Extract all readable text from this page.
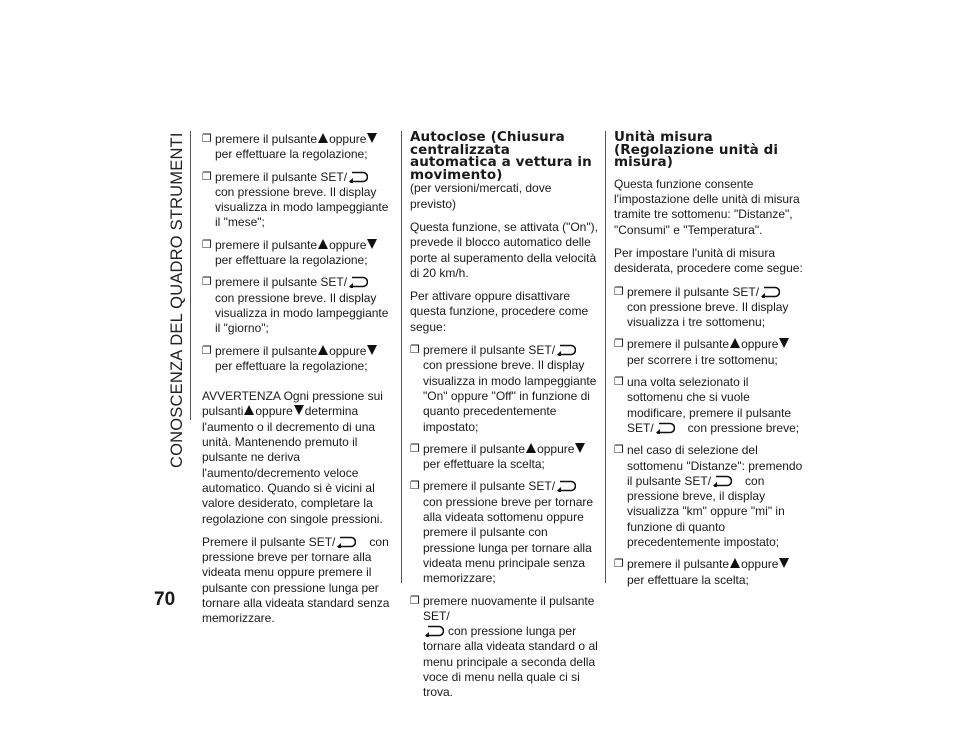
CONOSCENZA DEL QUADRO STRUMENTI
70
❐ premere il pulsante oppureper effettuare la regolazione;
❐ premere il pulsante SET/con pressione breve. Il display visualizza in modo lampeggiante il "mese";
❐ premere il pulsante oppureper effettuare la regolazione;
❐ premere il pulsante SET/con pressione breve. Il display visualizza in modo lampeggiante il "giorno";
❐ premere il pulsante oppureper effettuare la regolazione;

AVVERTENZA Ogni pressione sui pulsanti oppure determina l'aumento o il decremento di una unità. Mantenendo premuto il pulsante ne deriva l'aumento/decremento veloce automatico. Quando si è vicini al valore desiderato, completare la regolazione con singole pressioni.

Premere il pulsante SET/	con pressione breve per tornare alla videata menu oppure premere il pulsante con pressione lunga per tornare alla videata standard senza memorizzare.

Autoclose (Chiusura centralizzata automatica a vettura in movimento)

(per versioni/mercati, dove previsto)

Questa funzione, se attivata ("On"), prevede il blocco automatico delle porte al superamento della velocità di 20 km/h.

Per attivare oppure disattivare questa funzione, procedere come segue:

❐ premere il pulsante SET/con pressione breve. Il display visualizza in modo lampeggiante "On" oppure "Off" in funzione di quanto precedentemente impostato;
❐ premere il pulsante oppureper effettuare la scelta;
❐ premere il pulsante SET/con pressione breve per tornare alla videata sottomenu oppure premere il pulsante con pressione lunga per tornare alla videata menu principale senza memorizzare;
❐ premere nuovamente il pulsante SET/
con pressione lunga per tornare alla videata standard o al menu principale a seconda della voce di menu nella quale ci si trova.
Unità misura (Regolazione unità di misura)

Questa funzione consente l'impostazione delle unità di misura tramite tre sottomenu: "Distanze", "Consumi" e "Temperatura".

Per impostare l'unità di misura desiderata, procedere come segue:

❐ premere il pulsante SET/con pressione breve. Il display visualizza i tre sottomenu;
❐ premere il pulsante oppureper scorrere i tre sottomenu;
❐ una volta selezionato il sottomenu che si vuole modificare, premere il pulsante SET/	con pressione breve;
❐ nel caso di selezione del sottomenu "Distanze": premendo il pulsante SET/	con pressione breve, il display visualizza "km" oppure "mi" in funzione di quanto precedentemente impostato;
❐ premere il pulsante oppureper effettuare la scelta;
